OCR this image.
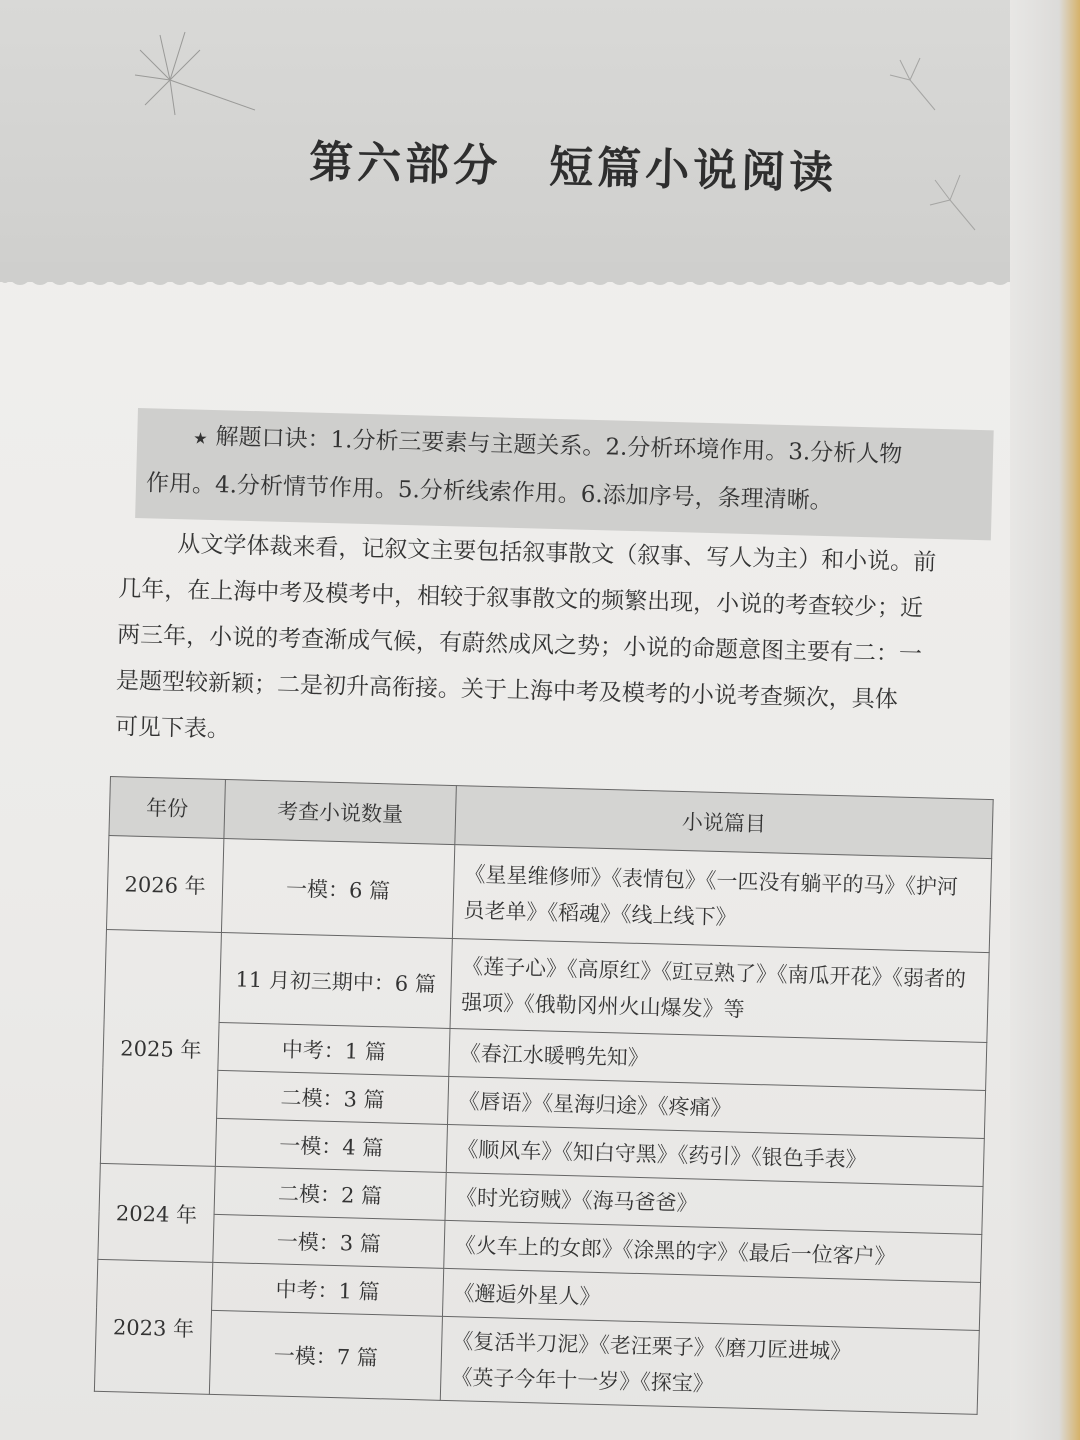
第六部分　短篇小说阅读
★ 解题口诀：1.分析三要素与主题关系。2.分析环境作用。3.分析人物
作用。4.分析情节作用。5.分析线索作用。6.添加序号，条理清晰。
从文学体裁来看，记叙文主要包括叙事散文（叙事、写人为主）和小说。前
几年，在上海中考及模考中，相较于叙事散文的频繁出现，小说的考查较少；近
两三年，小说的考查渐成气候，有蔚然成风之势；小说的命题意图主要有二：一
是题型较新颖；二是初升高衔接。关于上海中考及模考的小说考查频次，具体
可见下表。
年份	考查小说数量	小说篇目
2026 年	一模：6 篇	《星星维修师》《表情包》《一匹没有躺平的马》《护河
员老单》《稻魂》《线上线下》

2025 年	11 月初三期中：6 篇	《莲子心》《高原红》《豇豆熟了》《南瓜开花》《弱者的
强项》《俄勒冈州火山爆发》等

	中考：1 篇	《春江水暖鸭先知》
	二模：3 篇	《唇语》《星海归途》《疼痛》
	一模：4 篇	《顺风车》《知白守黑》《药引》《银色手表》
2024 年	二模：2 篇	《时光窃贼》《海马爸爸》
	一模：3 篇	《火车上的女郎》《涂黑的字》《最后一位客户》
2023 年	中考：1 篇	《邂逅外星人》
	一模：7 篇	《复活半刀泥》《老汪栗子》《磨刀匠进城》
《英子今年十一岁》《探宝》
